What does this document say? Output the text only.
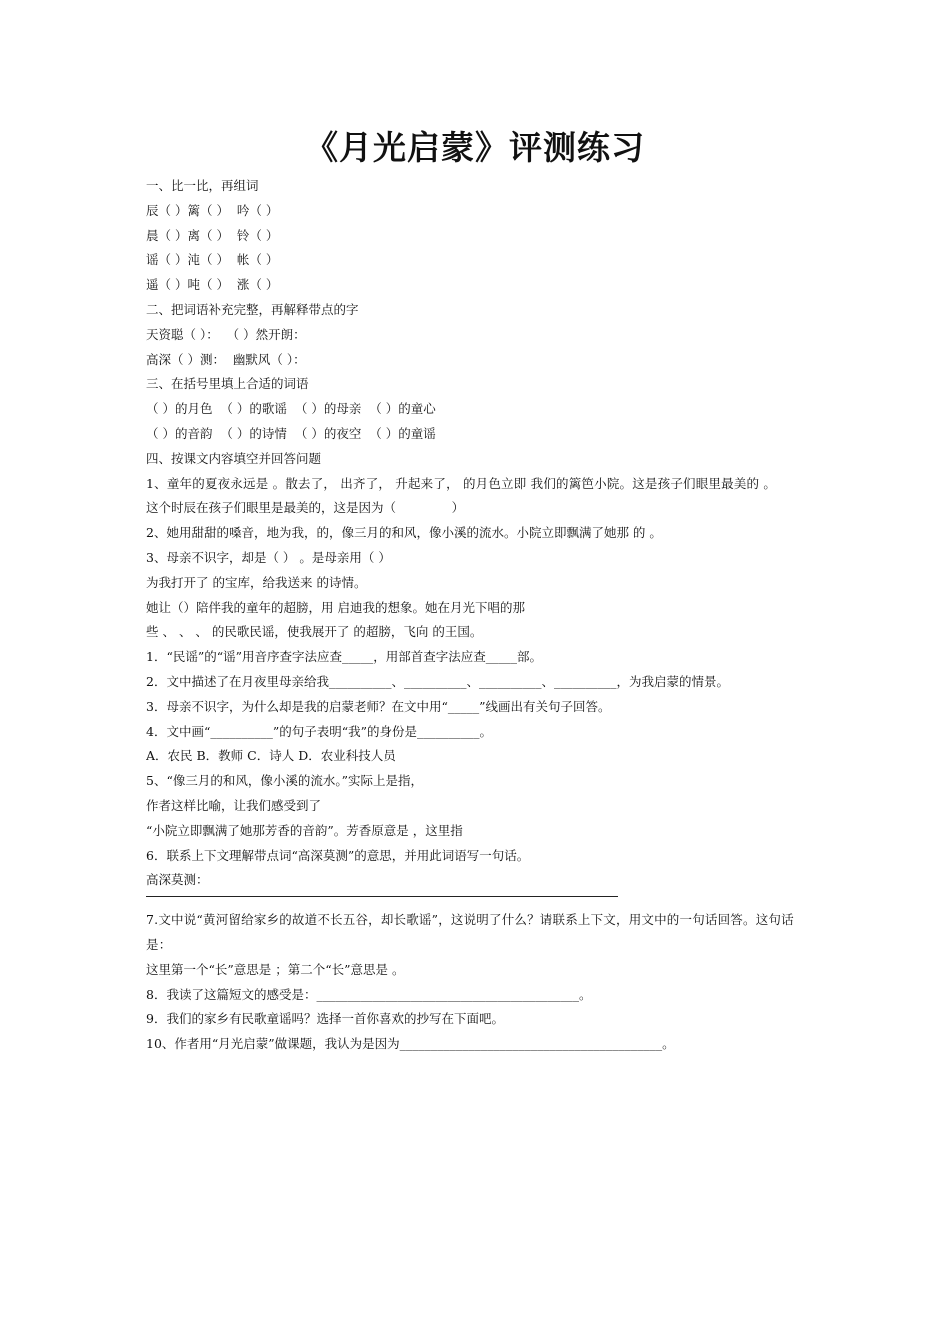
《月光启蒙》评测练习
一、比一比，再组词
辰（ ）篱（ ）  吟（ ）
晨（ ）离（ ）  铃（ ）
谣（ ）沌（ ）  帐（ ）
遥（ ）吨（ ）  涨（ ）
二、把词语补充完整，再解释带点的字
天资聪（ ）：  （ ）然开朗：
高深（ ）测：  幽默风（ ）：
三、在括号里填上合适的词语
（ ）的月色  （ ）的歌谣  （ ）的母亲  （ ）的童心
（ ）的音韵  （ ）的诗情  （ ）的夜空  （ ）的童谣
四、按课文内容填空并回答问题
1、童年的夏夜永远是 。散去了， 出齐了， 升起来了， 的月色立即 我们的篱笆小院。这是孩子们眼里最美的 。
这个时辰在孩子们眼里是最美的，这是因为（              ）
2、她用甜甜的嗓音，地为我，的，像三月的和风，像小溪的流水。小院立即飘满了她那 的 。
3、母亲不识字，却是（ ） 。是母亲用（ ）
为我打开了 的宝库，给我送来 的诗情。
她让（）陪伴我的童年的超膀，用 启迪我的想象。她在月光下唱的那
些 、 、 、 的民歌民谣，使我展开了 的超膀，飞向 的王国。
1．“民谣”的“谣”用音序查字法应查_____，用部首查字法应查_____部。
2．文中描述了在月夜里母亲给我__________、__________、__________、__________，为我启蒙的情景。
3．母亲不识字，为什么却是我的启蒙老师？在文中用“_____”线画出有关句子回答。
4．文中画“__________”的句子表明“我”的身份是__________。
A．农民 B．教师 C．诗人 D．农业科技人员
5、“像三月的和风，像小溪的流水。”实际上是指，
作者这样比喻，让我们感受到了
“小院立即飘满了她那芳香的音韵”。芳香原意是 ，这里指
6．联系上下文理解带点词“高深莫测”的意思，并用此词语写一句话。
高深莫测：
7.文中说“黄河留给家乡的故道不长五谷，却长歌谣”，这说明了什么？请联系上下文，用文中的一句话回答。这句话是：
这里第一个“长”意思是 ；第二个“长”意思是 。
8．我读了这篇短文的感受是：__________________________________________。
9．我们的家乡有民歌童谣吗？选择一首你喜欢的抄写在下面吧。
10、作者用“月光启蒙”做课题，我认为是因为__________________________________________。
